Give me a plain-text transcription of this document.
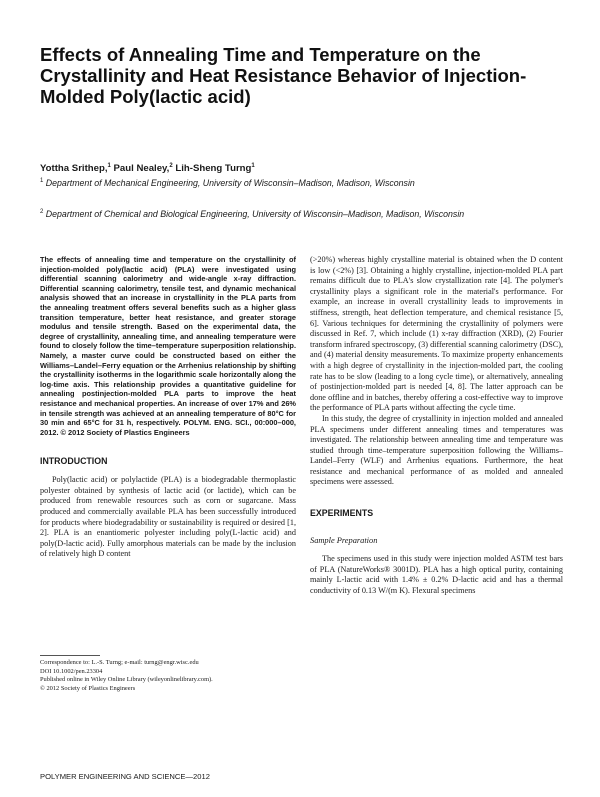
Effects of Annealing Time and Temperature on the Crystallinity and Heat Resistance Behavior of Injection-Molded Poly(lactic acid)
Yottha Srithep,$^1$ Paul Nealey,$^2$ Lih-Sheng Turng$^1$
$^1$ Department of Mechanical Engineering, University of Wisconsin–Madison, Madison, Wisconsin
$^2$ Department of Chemical and Biological Engineering, University of Wisconsin–Madison, Madison, Wisconsin

The effects of annealing time and temperature on the crystallinity of injection-molded poly(lactic acid) (PLA) were investigated using differential scanning calorimetry and wide-angle x-ray diffraction. Differential scanning calorimetry, tensile test, and dynamic mechanical analysis showed that an increase in crystallinity in the PLA parts from the annealing treatment offers several benefits such as a higher glass transition temperature, better heat resistance, and greater storage modulus and tensile strength. Based on the experimental data, the degree of crystallinity, annealing time, and annealing temperature were found to closely follow the time–temperature superposition relationship. Namely, a master curve could be constructed based on either the Williams–Landel–Ferry equation or the Arrhenius relationship by shifting the crystallinity isotherms in the logarithmic scale horizontally along the log-time axis. This relationship provides a quantitative guideline for annealing postinjection-molded PLA parts to improve the heat resistance and mechanical properties. An increase of over 17% and 26% in tensile strength was achieved at an annealing temperature of 80°C for 30 min and 65°C for 31 h, respectively. POLYM. ENG. SCI., 00:000–000, 2012. © 2012 Society of Plastics Engineers

INTRODUCTION

Poly(lactic acid) or polylactide (PLA) is a biodegradable thermoplastic polyester obtained by synthesis of lactic acid (or lactide), which can be produced from renewable resources such as corn or sugarcane. Mass produced and commercially available PLA has been successfully introduced for products where biodegradability or sustainability is required or desired [1, 2]. PLA is an enantiomeric polyester including poly(L-lactic acid) and poly(D-lactic acid). Fully amorphous materials can be made by the inclusion of relatively high D content

(>20%) whereas highly crystalline material is obtained when the D content is low (<2%) [3]. Obtaining a highly crystalline, injection-molded PLA part remains difficult due to PLA's slow crystallization rate [4]. The polymer's crystallinity plays a significant role in the material's performance. For example, an increase in overall crystallinity leads to improvements in stiffness, strength, heat deflection temperature, and chemical resistance [5, 6]. Various techniques for determining the crystallinity of polymers were discussed in Ref. 7, which include (1) x-ray diffraction (XRD), (2) Fourier transform infrared spectroscopy, (3) differential scanning calorimetry (DSC), and (4) material density measurements. To maximize property enhancements with a high degree of crystallinity in the injection-molded part, the cooling rate has to be slow (leading to a long cycle time), or alternatively, annealing of postinjection-molded part is needed [4, 8]. The latter approach can be done offline and in batches, thereby offering a cost-effective way to improve the performance of PLA parts without affecting the cycle time.

In this study, the degree of crystallinity in injection molded and annealed PLA specimens under different annealing times and temperatures was investigated. The relationship between annealing time and temperature was studied through time–temperature superposition following the Williams–Landel–Ferry (WLF) and Arrhenius equations. Furthermore, the heat resistance and mechanical performance of as molded and annealed specimens were assessed.

EXPERIMENTS

Sample Preparation

The specimens used in this study were injection molded ASTM test bars of PLA (NatureWorks® 3001D). PLA has a high optical purity, containing mainly L-lactic acid with 1.4% ± 0.2% D-lactic acid and has a thermal conductivity of 0.13 W/(m K). Flexural specimens

Correspondence to: L.-S. Turng; e-mail: turng@engr.wisc.edu
DOI 10.1002/pen.23304
Published online in Wiley Online Library (wileyonlinelibrary.com).
© 2012 Society of Plastics Engineers
POLYMER ENGINEERING AND SCIENCE—2012
